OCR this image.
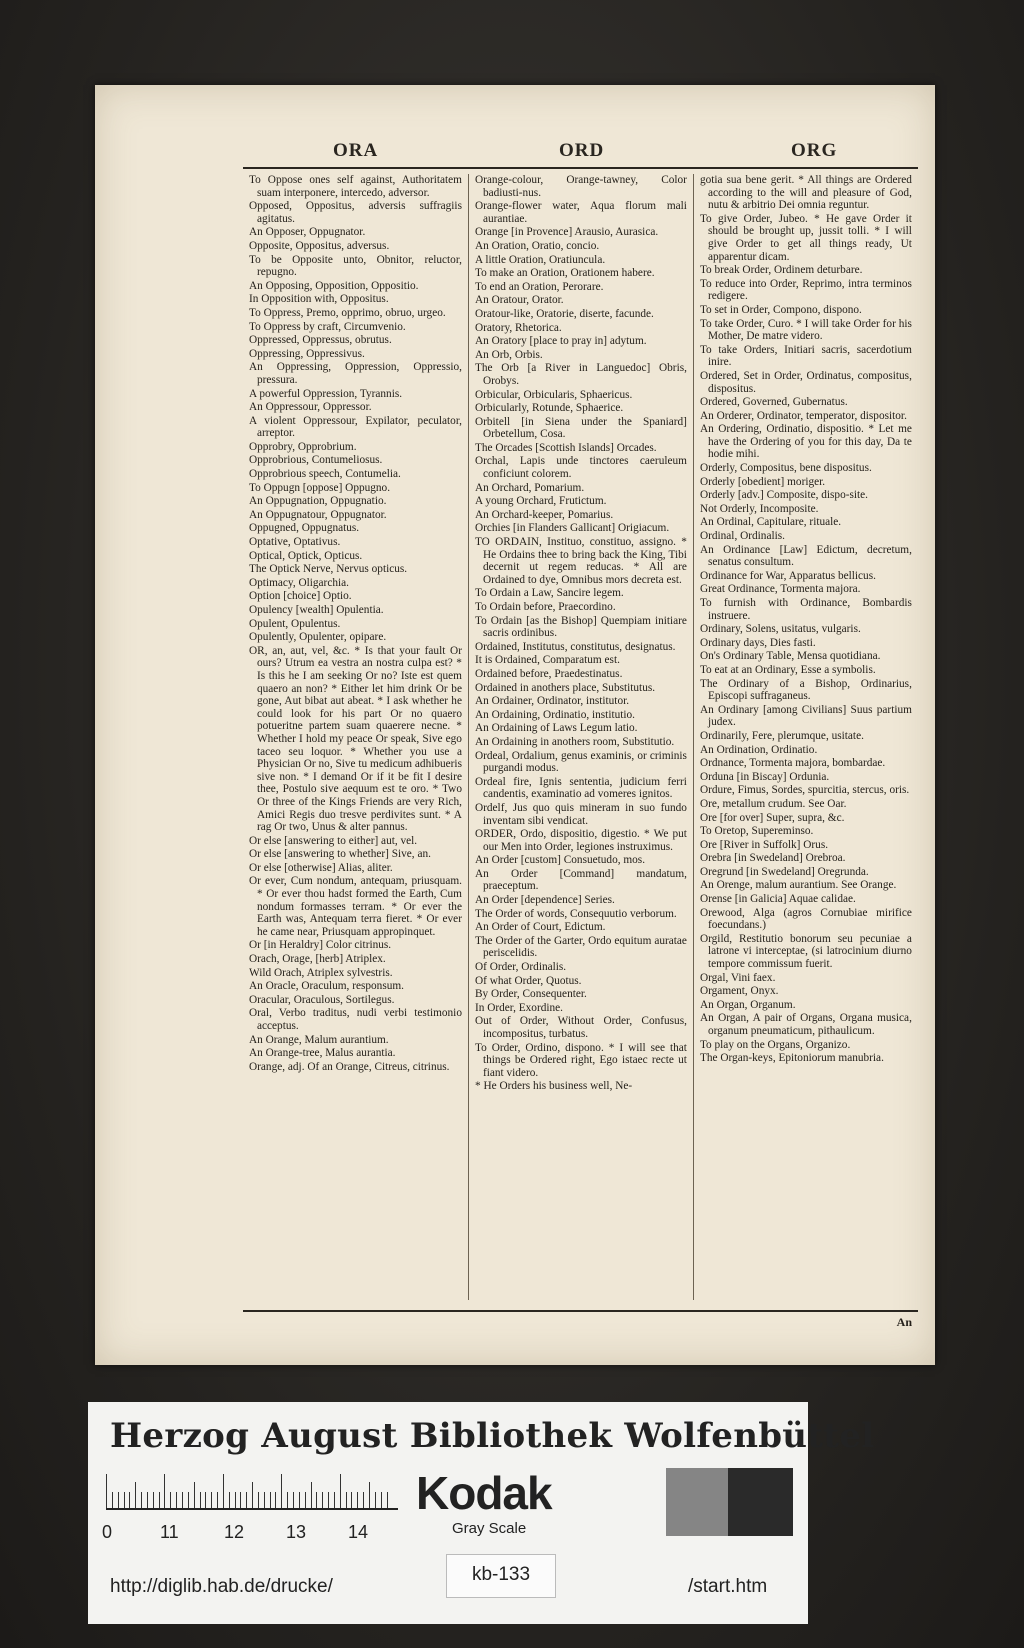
ORA	ORD	ORG

To Oppose ones self against, Authoritatem suam interponere, intercedo, adversor.

Opposed, Oppositus, adversis suffragiis agitatus.

An Opposer, Oppugnator.

Opposite, Oppositus, adversus.

To be Opposite unto, Obnitor, reluctor, repugno.

An Opposing, Opposition, Oppositio.

In Opposition with, Oppositus.

To Oppress, Premo, opprimo, obruo, urgeo.

To Oppress by craft, Circumvenio.

Oppressed, Oppressus, obrutus.

Oppressing, Oppressivus.

An Oppressing, Oppression, Oppressio, pressura.

A powerful Oppression, Tyrannis.

An Oppressour, Oppressor.

A violent Oppressour, Expilator, peculator, arreptor.

Opprobry, Opprobrium.

Opprobrious, Contumeliosus.

Opprobrious speech, Contumelia.

To Oppugn [oppose] Oppugno.

An Oppugnation, Oppugnatio.

An Oppugnatour, Oppugnator.

Oppugned, Oppugnatus.

Optative, Optativus.

Optical, Optick, Opticus.

The Optick Nerve, Nervus opticus.

Optimacy, Oligarchia.

Option [choice] Optio.

Opulency [wealth] Opulentia.

Opulent, Opulentus.

Opulently, Opulenter, opipare.

OR, an, aut, vel, &c. * Is that your fault Or ours? Utrum ea vestra an nostra culpa est? * Is this he I am seeking Or no? Iste est quem quaero an non? * Either let him drink Or be gone, Aut bibat aut abeat. * I ask whether he could look for his part Or no quaero potueritne partem suam quaerere necne. * Whether I hold my peace Or speak, Sive ego taceo seu loquor. * Whether you use a Physician Or no, Sive tu medicum adhibueris sive non. * I demand Or if it be fit I desire thee, Postulo sive aequum est te oro. * Two Or three of the Kings Friends are very Rich, Amici Regis duo tresve perdivites sunt. * A rag Or two, Unus & alter pannus.

Or else [answering to either] aut, vel.

Or else [answering to whether] Sive, an.

Or else [otherwise] Alias, aliter.

Or ever, Cum nondum, antequam, priusquam. * Or ever thou hadst formed the Earth, Cum nondum formasses terram. * Or ever the Earth was, Antequam terra fieret. * Or ever he came near, Priusquam appropinquet.

Or [in Heraldry] Color citrinus.

Orach, Orage, [herb] Atriplex.

Wild Orach, Atriplex sylvestris.

An Oracle, Oraculum, responsum.

Oracular, Oraculous, Sortilegus.

Oral, Verbo traditus, nudi verbi testimonio acceptus.

An Orange, Malum aurantium.

An Orange-tree, Malus aurantia.

Orange, adj. Of an Orange, Citreus, citrinus.

Orange-colour, Orange-tawney, Color badiusti-nus.

Orange-flower water, Aqua florum mali aurantiae.

Orange [in Provence] Arausio, Aurasica.

An Oration, Oratio, concio.

A little Oration, Oratiuncula.

To make an Oration, Orationem habere.

To end an Oration, Perorare.

An Oratour, Orator.

Oratour-like, Oratorie, diserte, facunde.

Oratory, Rhetorica.

An Oratory [place to pray in] adytum.

An Orb, Orbis.

The Orb [a River in Languedoc] Obris, Orobys.

Orbicular, Orbicularis, Sphaericus.

Orbicularly, Rotunde, Sphaerice.

Orbitell [in Siena under the Spaniard] Orbetellum, Cosa.

The Orcades [Scottish Islands] Orcades.

Orchal, Lapis unde tinctores caeruleum conficiunt colorem.

An Orchard, Pomarium.

A young Orchard, Frutictum.

An Orchard-keeper, Pomarius.

Orchies [in Flanders Gallicant] Origiacum.

TO ORDAIN, Instituo, constituo, assigno. * He Ordains thee to bring back the King, Tibi decernit ut regem reducas. * All are Ordained to dye, Omnibus mors decreta est.

To Ordain a Law, Sancire legem.

To Ordain before, Praecordino.

To Ordain [as the Bishop] Quempiam initiare sacris ordinibus.

Ordained, Institutus, constitutus, designatus.

It is Ordained, Comparatum est.

Ordained before, Praedestinatus.

Ordained in anothers place, Substitutus.

An Ordainer, Ordinator, institutor.

An Ordaining, Ordinatio, institutio.

An Ordaining of Laws Legum latio.

An Ordaining in anothers room, Substitutio.

Ordeal, Ordalium, genus examinis, or criminis purgandi modus.

Ordeal fire, Ignis sententia, judicium ferri candentis, examinatio ad vomeres ignitos.

Ordelf, Jus quo quis mineram in suo fundo inventam sibi vendicat.

ORDER, Ordo, dispositio, digestio. * We put our Men into Order, legiones instruximus.

An Order [custom] Consuetudo, mos.

An Order [Command] mandatum, praeceptum.

An Order [dependence] Series.

The Order of words, Consequutio verborum.

An Order of Court, Edictum.

The Order of the Garter, Ordo equitum auratae periscelidis.

Of Order, Ordinalis.

Of what Order, Quotus.

By Order, Consequenter.

In Order, Exordine.

Out of Order, Without Order, Confusus, incompositus, turbatus.

To Order, Ordino, dispono. * I will see that things be Ordered right, Ego istaec recte ut fiant videro.

* He Orders his business well, Ne-

gotia sua bene gerit. * All things are Ordered according to the will and pleasure of God, nutu & arbitrio Dei omnia reguntur.

To give Order, Jubeo. * He gave Order it should be brought up, jussit tolli. * I will give Order to get all things ready, Ut apparentur dicam.

To break Order, Ordinem deturbare.

To reduce into Order, Reprimo, intra terminos redigere.

To set in Order, Compono, dispono.

To take Order, Curo. * I will take Order for his Mother, De matre videro.

To take Orders, Initiari sacris, sacerdotium inire.

Ordered, Set in Order, Ordinatus, compositus, dispositus.

Ordered, Governed, Gubernatus.

An Orderer, Ordinator, temperator, dispositor.

An Ordering, Ordinatio, dispositio. * Let me have the Ordering of you for this day, Da te hodie mihi.

Orderly, Compositus, bene dispositus.

Orderly [obedient] moriger.

Orderly [adv.] Composite, dispo-site.

Not Orderly, Incomposite.

An Ordinal, Capitulare, rituale.

Ordinal, Ordinalis.

An Ordinance [Law] Edictum, decretum, senatus consultum.

Ordinance for War, Apparatus bellicus.

Great Ordinance, Tormenta majora.

To furnish with Ordinance, Bombardis instruere.

Ordinary, Solens, usitatus, vulgaris.

Ordinary days, Dies fasti.

On's Ordinary Table, Mensa quotidiana.

To eat at an Ordinary, Esse a symbolis.

The Ordinary of a Bishop, Ordinarius, Episcopi suffraganeus.

An Ordinary [among Civilians] Suus partium judex.

Ordinarily, Fere, plerumque, usitate.

An Ordination, Ordinatio.

Ordnance, Tormenta majora, bombardae.

Orduna [in Biscay] Ordunia.

Ordure, Fimus, Sordes, spurcitia, stercus, oris.

Ore, metallum crudum. See Oar.

Ore [for over] Super, supra, &c.

To Oretop, Supereminso.

Ore [River in Suffolk] Orus.

Orebra [in Swedeland] Orebroa.

Oregrund [in Swedeland] Oregrunda.

An Orenge, malum aurantium. See Orange.

Orense [in Galicia] Aquae calidae.

Orewood, Alga (agros Cornubiae mirifice foecundans.)

Orgild, Restitutio bonorum seu pecuniae a latrone vi interceptae, (si latrocinium diurno tempore commissum fuerit.

Orgal, Vini faex.

Orgament, Onyx.

An Organ, Organum.

An Organ, A pair of Organs, Organa musica, organum pneumaticum, pithaulicum.

To play on the Organs, Organizo.

The Organ-keys, Epitoniorum manubria.

An
Herzog August Bibliothek Wolfenbüttel
0	11	12 13 14
Kodak
Gray Scale
http://diglib.hab.de/drucke/
kb-133
/start.htm
